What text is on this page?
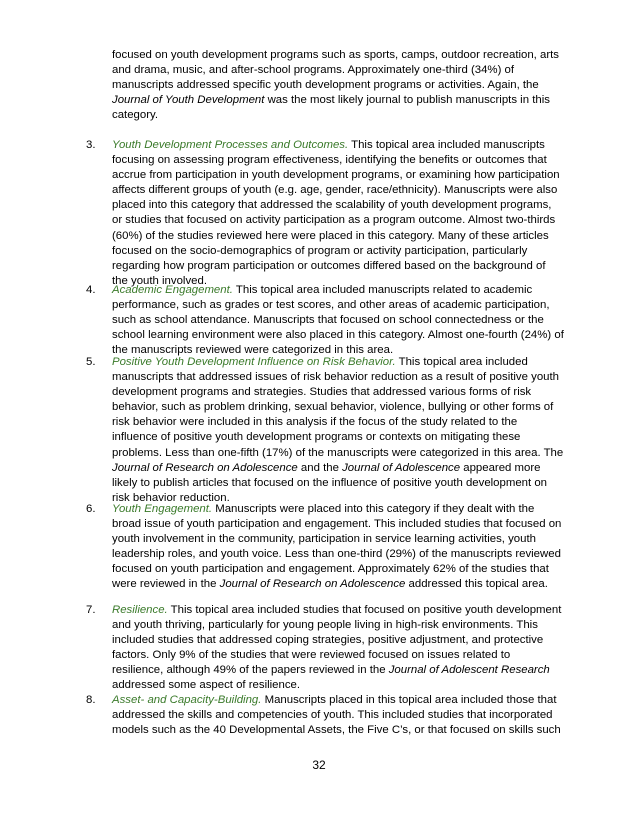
focused on youth development programs such as sports, camps, outdoor recreation, arts and drama, music, and after-school programs. Approximately one-third (34%) of manuscripts addressed specific youth development programs or activities. Again, the Journal of Youth Development was the most likely journal to publish manuscripts in this category.
3.	Youth Development Processes and Outcomes. This topical area included manuscripts focusing on assessing program effectiveness, identifying the benefits or outcomes that accrue from participation in youth development programs, or examining how participation affects different groups of youth (e.g. age, gender, race/ethnicity). Manuscripts were also placed into this category that addressed the scalability of youth development programs, or studies that focused on activity participation as a program outcome. Almost two-thirds (60%) of the studies reviewed here were placed in this category. Many of these articles focused on the socio-demographics of program or activity participation, particularly regarding how program participation or outcomes differed based on the background of the youth involved.
4.	Academic Engagement. This topical area included manuscripts related to academic performance, such as grades or test scores, and other areas of academic participation, such as school attendance. Manuscripts that focused on school connectedness or the school learning environment were also placed in this category. Almost one-fourth (24%) of the manuscripts reviewed were categorized in this area.
5.	Positive Youth Development Influence on Risk Behavior. This topical area included manuscripts that addressed issues of risk behavior reduction as a result of positive youth development programs and strategies. Studies that addressed various forms of risk behavior, such as problem drinking, sexual behavior, violence, bullying or other forms of risk behavior were included in this analysis if the focus of the study related to the influence of positive youth development programs or contexts on mitigating these problems. Less than one-fifth (17%) of the manuscripts were categorized in this area. The Journal of Research on Adolescence and the Journal of Adolescence appeared more likely to publish articles that focused on the influence of positive youth development on risk behavior reduction.
6.	Youth Engagement. Manuscripts were placed into this category if they dealt with the broad issue of youth participation and engagement. This included studies that focused on youth involvement in the community, participation in service learning activities, youth leadership roles, and youth voice. Less than one-third (29%) of the manuscripts reviewed focused on youth participation and engagement. Approximately 62% of the studies that were reviewed in the Journal of Research on Adolescence addressed this topical area.
7.	Resilience. This topical area included studies that focused on positive youth development and youth thriving, particularly for young people living in high-risk environments. This included studies that addressed coping strategies, positive adjustment, and protective factors. Only 9% of the studies that were reviewed focused on issues related to resilience, although 49% of the papers reviewed in the Journal of Adolescent Research addressed some aspect of resilience.
8.	Asset- and Capacity-Building. Manuscripts placed in this topical area included those that addressed the skills and competencies of youth. This included studies that incorporated models such as the 40 Developmental Assets, the Five C’s, or that focused on skills such
32
